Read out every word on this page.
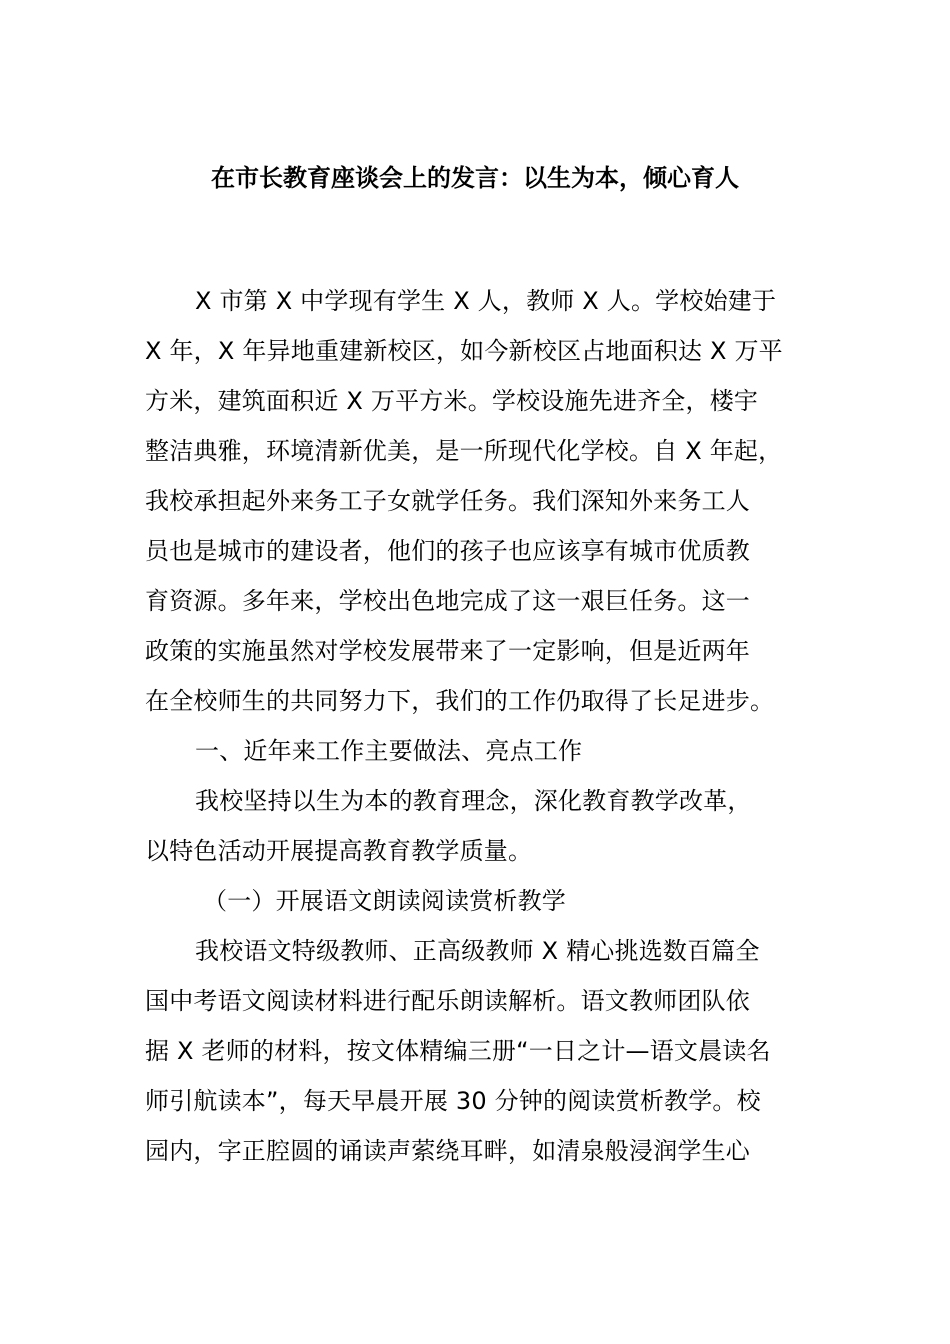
在市长教育座谈会上的发言：以生为本，倾心育人
X 市第 X 中学现有学生 X 人，教师 X 人。学校始建于
X 年，X 年异地重建新校区，如今新校区占地面积达 X 万平
方米，建筑面积近 X 万平方米。学校设施先进齐全，楼宇
整洁典雅，环境清新优美，是一所现代化学校。自 X 年起，
我校承担起外来务工子女就学任务。我们深知外来务工人
员也是城市的建设者，他们的孩子也应该享有城市优质教
育资源。多年来，学校出色地完成了这一艰巨任务。这一
政策的实施虽然对学校发展带来了一定影响，但是近两年
在全校师生的共同努力下，我们的工作仍取得了长足进步。
一、近年来工作主要做法、亮点工作
我校坚持以生为本的教育理念，深化教育教学改革，
以特色活动开展提高教育教学质量。
（一）开展语文朗读阅读赏析教学
我校语文特级教师、正高级教师 X 精心挑选数百篇全
国中考语文阅读材料进行配乐朗读解析。语文教师团队依
据 X 老师的材料，按文体精编三册“一日之计—语文晨读名
师引航读本”，每天早晨开展 30 分钟的阅读赏析教学。校
园内，字正腔圆的诵读声萦绕耳畔，如清泉般浸润学生心
